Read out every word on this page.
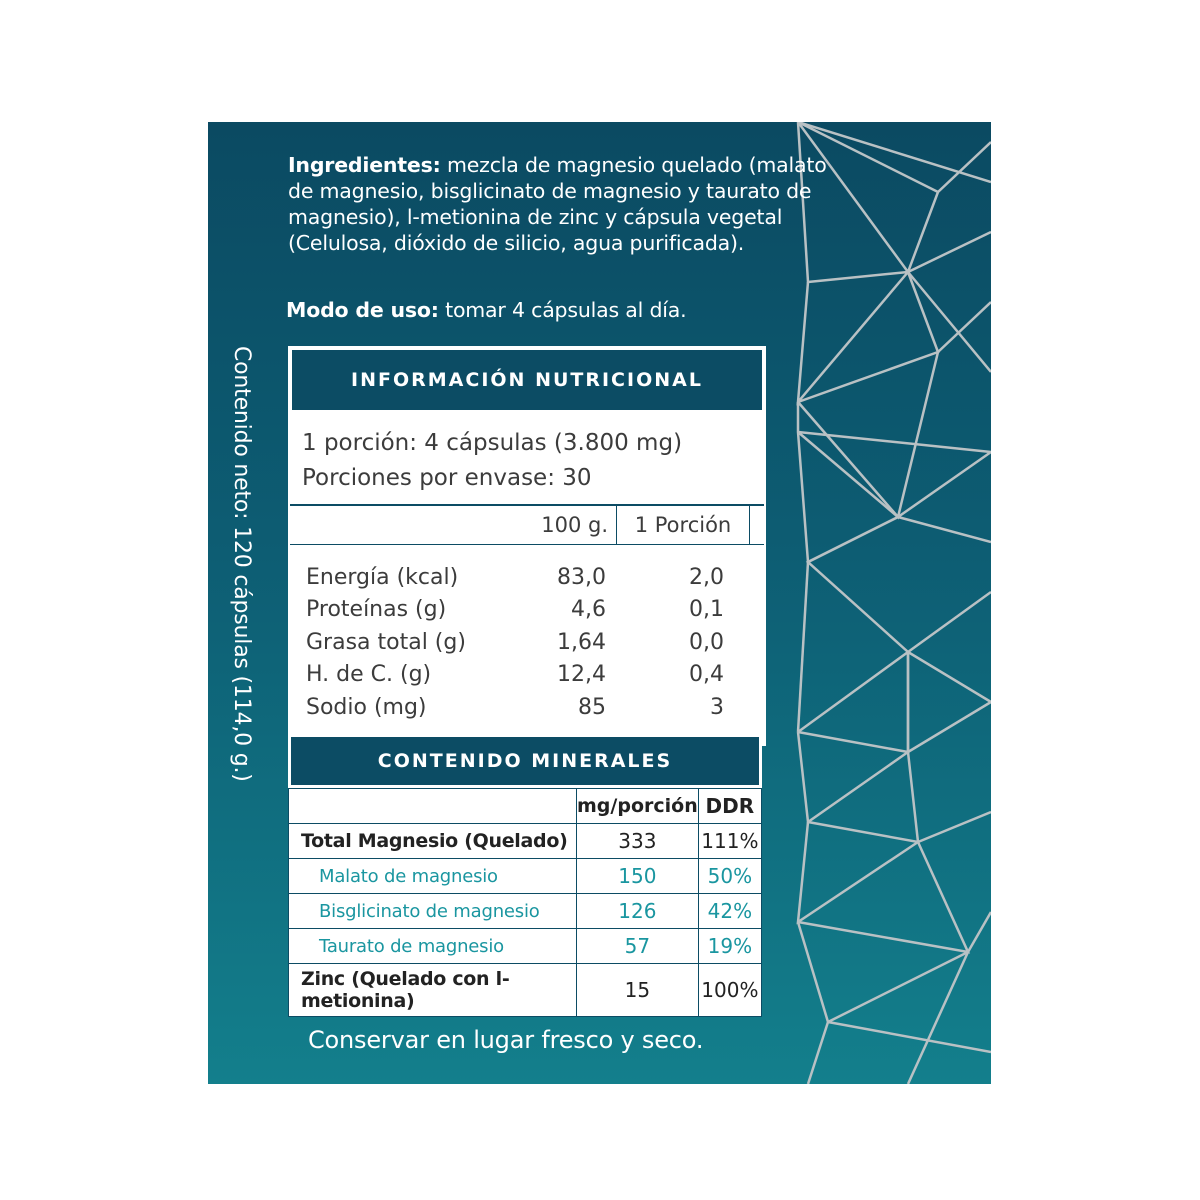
Ingredientes: mezcla de magnesio quelado (malato de magnesio, bisglicinato de magnesio y taurato de magnesio), l-metionina de zinc y cápsula vegetal (Celulosa, dióxido de silicio, agua purificada).
Modo de uso: tomar 4 cápsulas al día.
Contenido neto: 120 cápsulas (114,0 g.)	INFORMACIÓN NUTRICIONAL
1 porción: 4 cápsulas (3.800 mg)
Porciones por envase: 30
100 g.	1 Porción
Energía (kcal)	83,0	2,0
Proteínas (g)	4,6	0,1
Grasa total (g)	1,64	0,0
H. de C. (g)	12,4	0,4
Sodio (mg)	85	3
CONTENIDO MINERALES
	mg/porción	DDR
Total Magnesio (Quelado)	333	111%
Malato de magnesio	150	50%
Bisglicinato de magnesio	126	42%
Taurato de magnesio	57	19%
Zinc (Quelado con l-metionina)	15	100%
Conservar en lugar fresco y seco.
